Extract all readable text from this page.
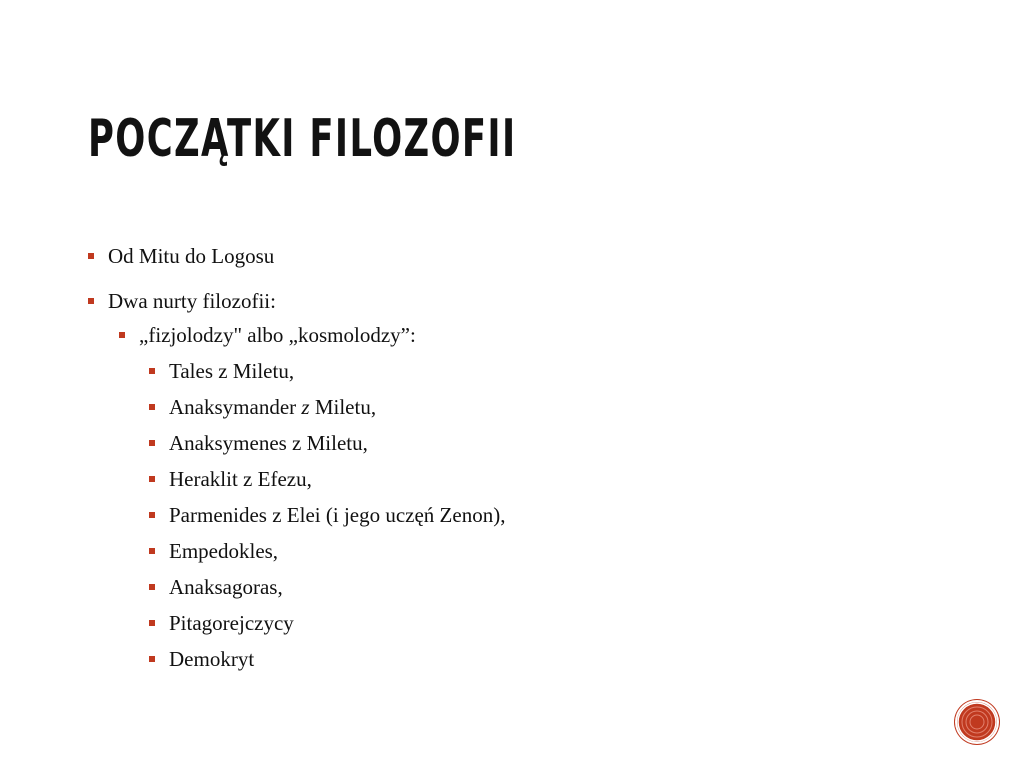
POCZĄTKI FILOZOFII
Od Mitu do Logosu
Dwa nurty filozofii:
„fizjolodzy" albo „kosmolodzy”:
Tales z Miletu,
Anaksymander z Miletu,
Anaksymenes z Miletu,
Heraklit z Efezu,
Parmenides z Elei (i jego uczęń Zenon),
Empedokles,
Anaksagoras,
Pitagorejczycy
Demokryt
